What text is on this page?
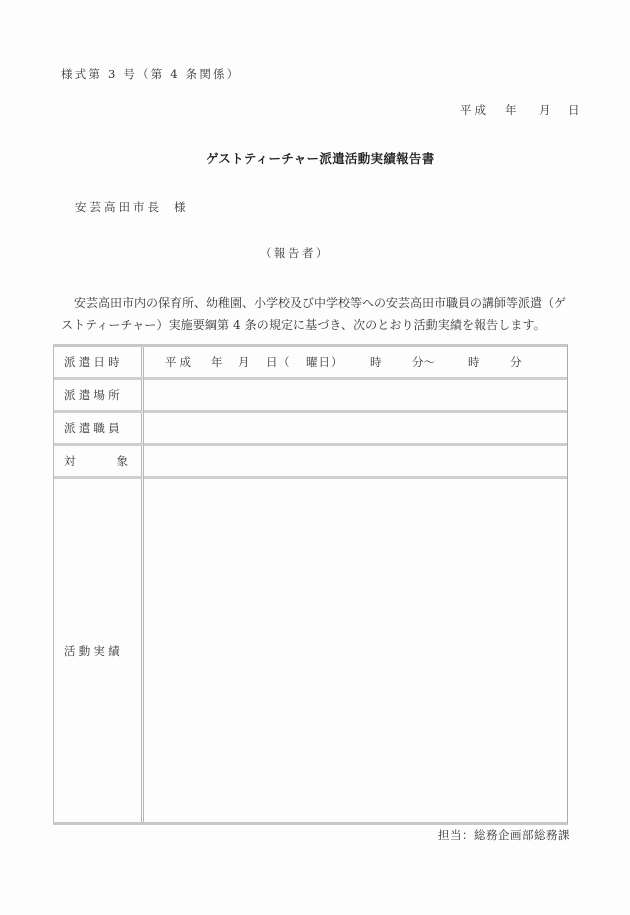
様式第 3 号（第 4 条関係）
平成	年	月	日
ゲストティーチャー派遣活動実績報告書
安芸高田市長 様
（報告者）
安芸高田市内の保育所、幼稚園、小学校及び中学校等への安芸高田市職員の講師等派遣（ゲ
ストティーチャー）実施要綱第 4 条の規定に基づき、次のとおり活動実績を報告します。
派遣日時	平成	年	月	日 （	曜日）	時	分〜	時	分

派遣場所	
派遣職員	

対 象	

活動実績	
担当：総務企画部総務課
